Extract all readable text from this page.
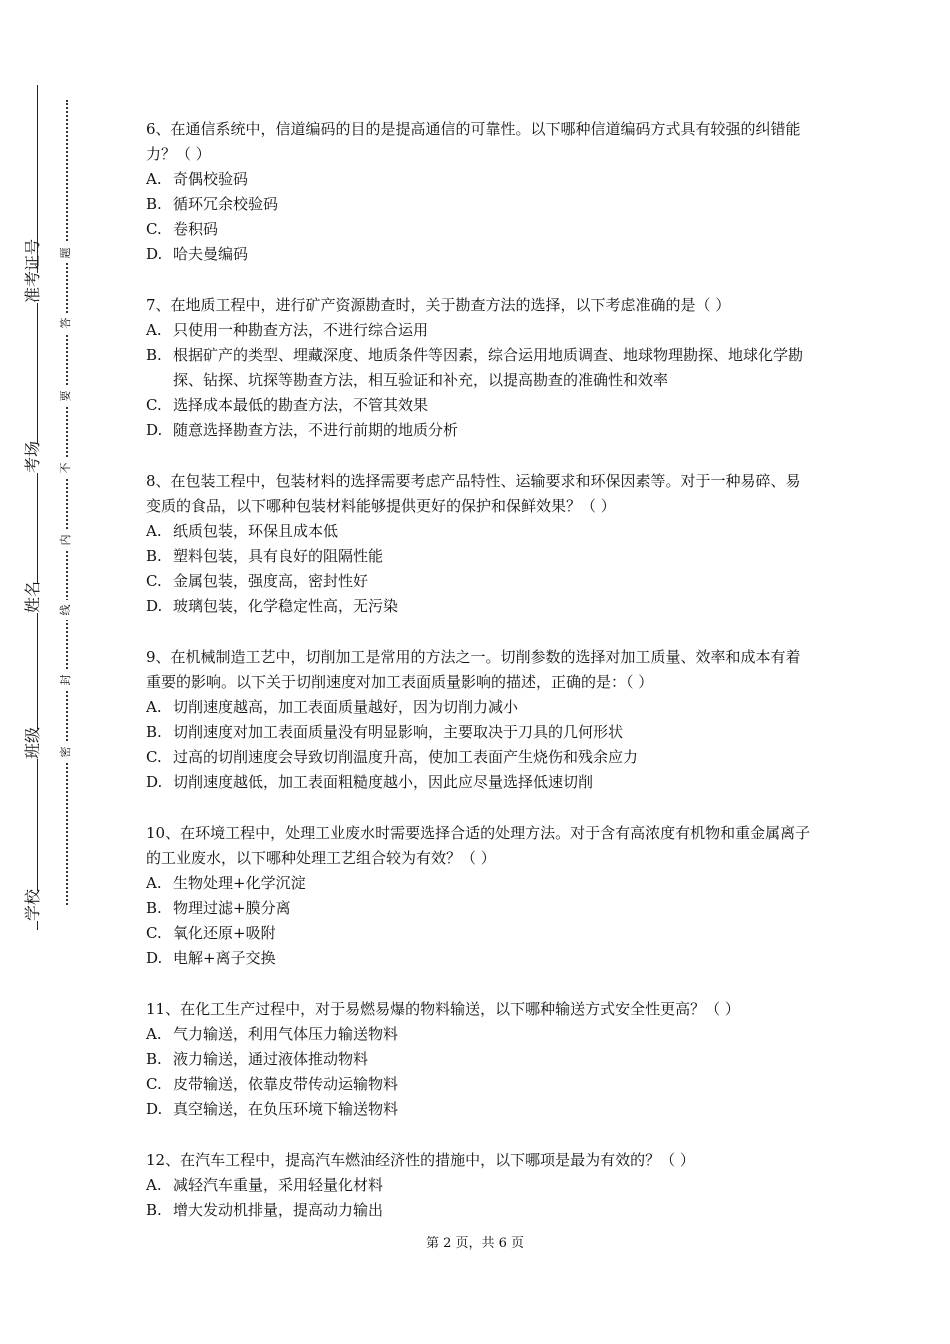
准考证号
考场
姓名
班级
学校
题
答
要
不
内
线
封
密

6、在通信系统中，信道编码的目的是提高通信的可靠性。以下哪种信道编码方式具有较强的纠错能力？（ ）

A. 奇偶校验码
B. 循环冗余校验码
C. 卷积码
D. 哈夫曼编码

7、在地质工程中，进行矿产资源勘查时，关于勘查方法的选择，以下考虑准确的是（ ）

A. 只使用一种勘查方法，不进行综合运用
B. 根据矿产的类型、埋藏深度、地质条件等因素，综合运用地质调查、地球物理勘探、地球化学勘探、钻探、坑探等勘查方法，相互验证和补充，以提高勘查的准确性和效率
C. 选择成本最低的勘查方法，不管其效果
D. 随意选择勘查方法，不进行前期的地质分析

8、在包装工程中，包装材料的选择需要考虑产品特性、运输要求和环保因素等。对于一种易碎、易变质的食品，以下哪种包装材料能够提供更好的保护和保鲜效果？（ ）

A. 纸质包装，环保且成本低
B. 塑料包装，具有良好的阻隔性能
C. 金属包装，强度高，密封性好
D. 玻璃包装，化学稳定性高，无污染

9、在机械制造工艺中，切削加工是常用的方法之一。切削参数的选择对加工质量、效率和成本有着重要的影响。以下关于切削速度对加工表面质量影响的描述，正确的是：（ ）

A. 切削速度越高，加工表面质量越好，因为切削力减小
B. 切削速度对加工表面质量没有明显影响，主要取决于刀具的几何形状
C. 过高的切削速度会导致切削温度升高，使加工表面产生烧伤和残余应力
D. 切削速度越低，加工表面粗糙度越小，因此应尽量选择低速切削

10、在环境工程中，处理工业废水时需要选择合适的处理方法。对于含有高浓度有机物和重金属离子的工业废水，以下哪种处理工艺组合较为有效？（ ）

A. 生物处理+化学沉淀
B. 物理过滤+膜分离
C. 氧化还原+吸附
D. 电解+离子交换

11、在化工生产过程中，对于易燃易爆的物料输送，以下哪种输送方式安全性更高？（ ）

A. 气力输送，利用气体压力输送物料
B. 液力输送，通过液体推动物料
C. 皮带输送，依靠皮带传动运输物料
D. 真空输送，在负压环境下输送物料

12、在汽车工程中，提高汽车燃油经济性的措施中，以下哪项是最为有效的？（ ）

A. 减轻汽车重量，采用轻量化材料
B. 增大发动机排量，提高动力输出
第 2 页，共 6 页
